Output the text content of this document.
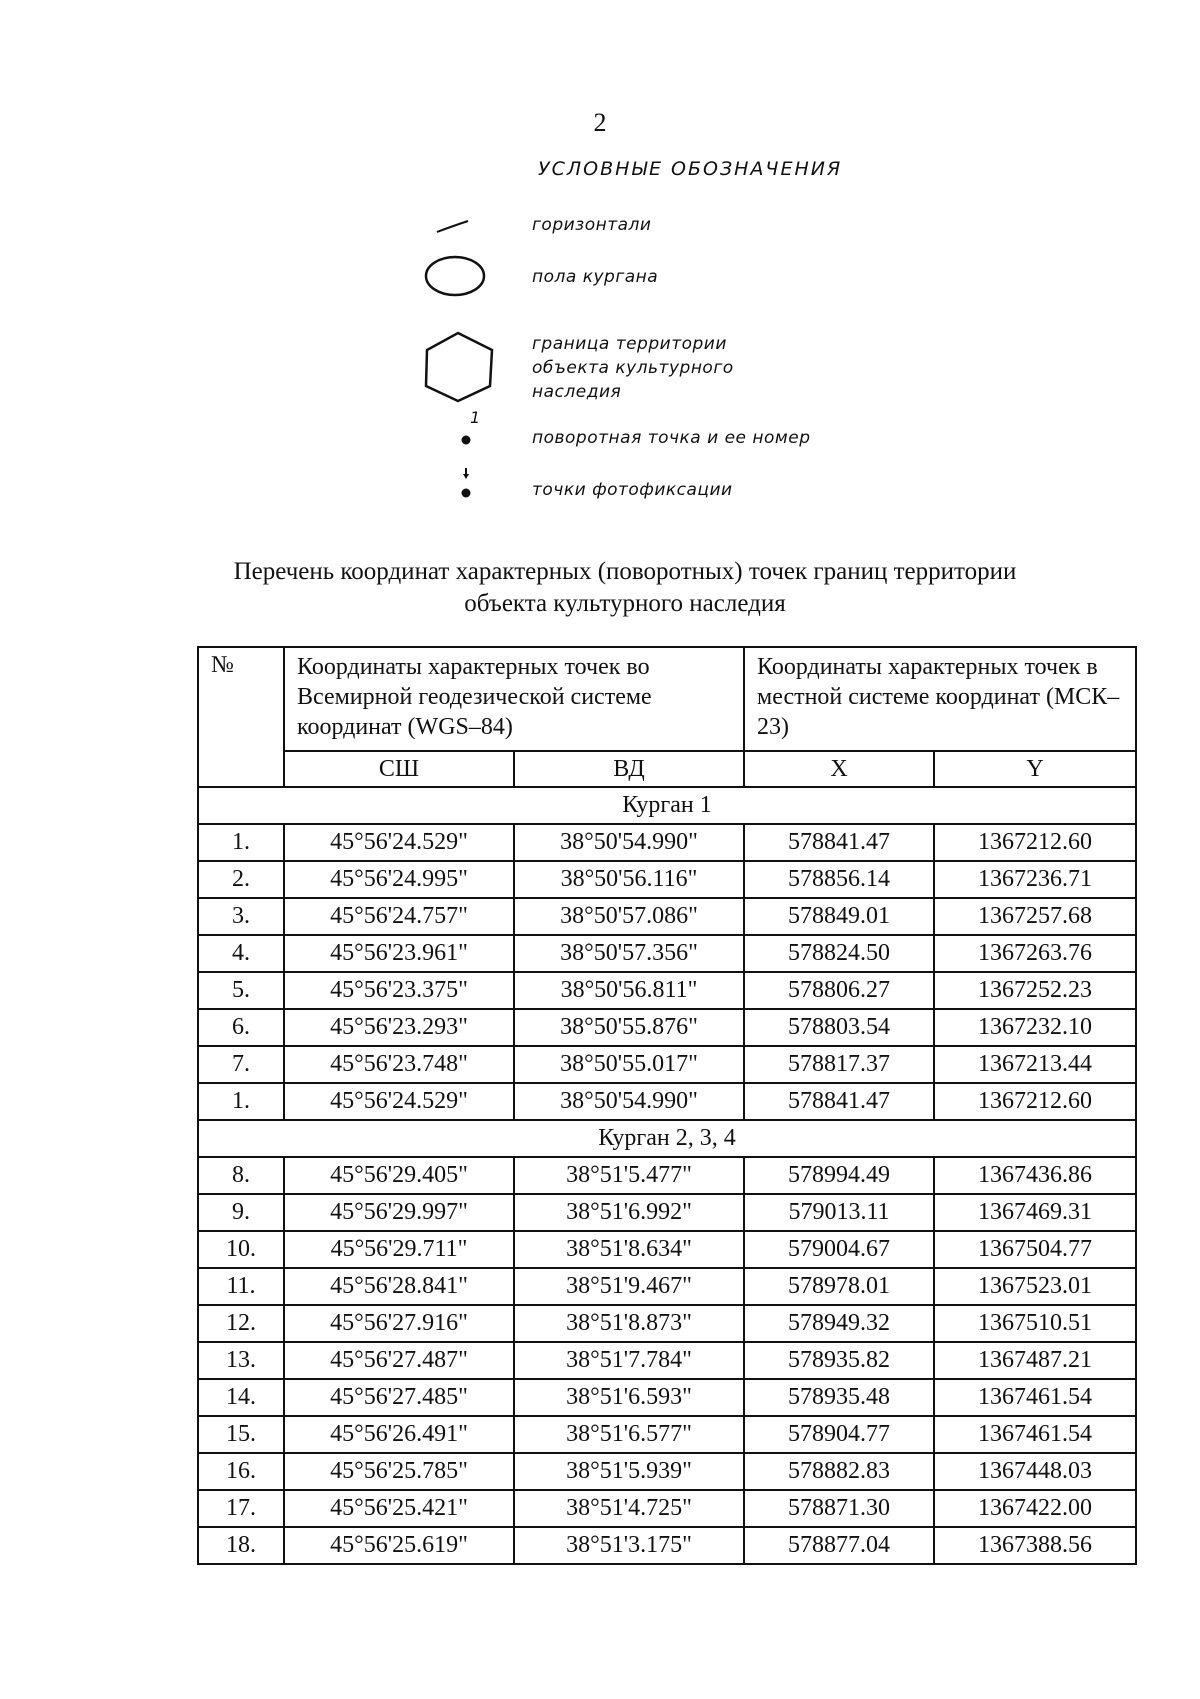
2
УСЛОВНЫЕ ОБОЗНАЧЕНИЯ
горизонтали
пола кургана
граница территории объекта культурного наследия
1
поворотная точка и ее номер
точки фотофиксации
Перечень координат характерных (поворотных) точек границ территории
объекта культурного наследия
№	Координаты характерных точек во Всемирной геодезической системе координат (WGS–84)		Координаты характерных точек в местной системе координат (МСК–23)	
	СШ	ВД	X	Y
Курган 1				
1.	45°56'24.529"	38°50'54.990"	578841.47	1367212.60
2.	45°56'24.995"	38°50'56.116"	578856.14	1367236.71
3.	45°56'24.757"	38°50'57.086"	578849.01	1367257.68
4.	45°56'23.961"	38°50'57.356"	578824.50	1367263.76
5.	45°56'23.375"	38°50'56.811"	578806.27	1367252.23
6.	45°56'23.293"	38°50'55.876"	578803.54	1367232.10
7.	45°56'23.748"	38°50'55.017"	578817.37	1367213.44
1.	45°56'24.529"	38°50'54.990"	578841.47	1367212.60
Курган 2, 3, 4				
8.	45°56'29.405"	38°51'5.477"	578994.49	1367436.86
9.	45°56'29.997"	38°51'6.992"	579013.11	1367469.31
10.	45°56'29.711"	38°51'8.634"	579004.67	1367504.77
11.	45°56'28.841"	38°51'9.467"	578978.01	1367523.01
12.	45°56'27.916"	38°51'8.873"	578949.32	1367510.51
13.	45°56'27.487"	38°51'7.784"	578935.82	1367487.21
14.	45°56'27.485"	38°51'6.593"	578935.48	1367461.54
15.	45°56'26.491"	38°51'6.577"	578904.77	1367461.54
16.	45°56'25.785"	38°51'5.939"	578882.83	1367448.03
17.	45°56'25.421"	38°51'4.725"	578871.30	1367422.00
18.	45°56'25.619"	38°51'3.175"	578877.04	1367388.56
